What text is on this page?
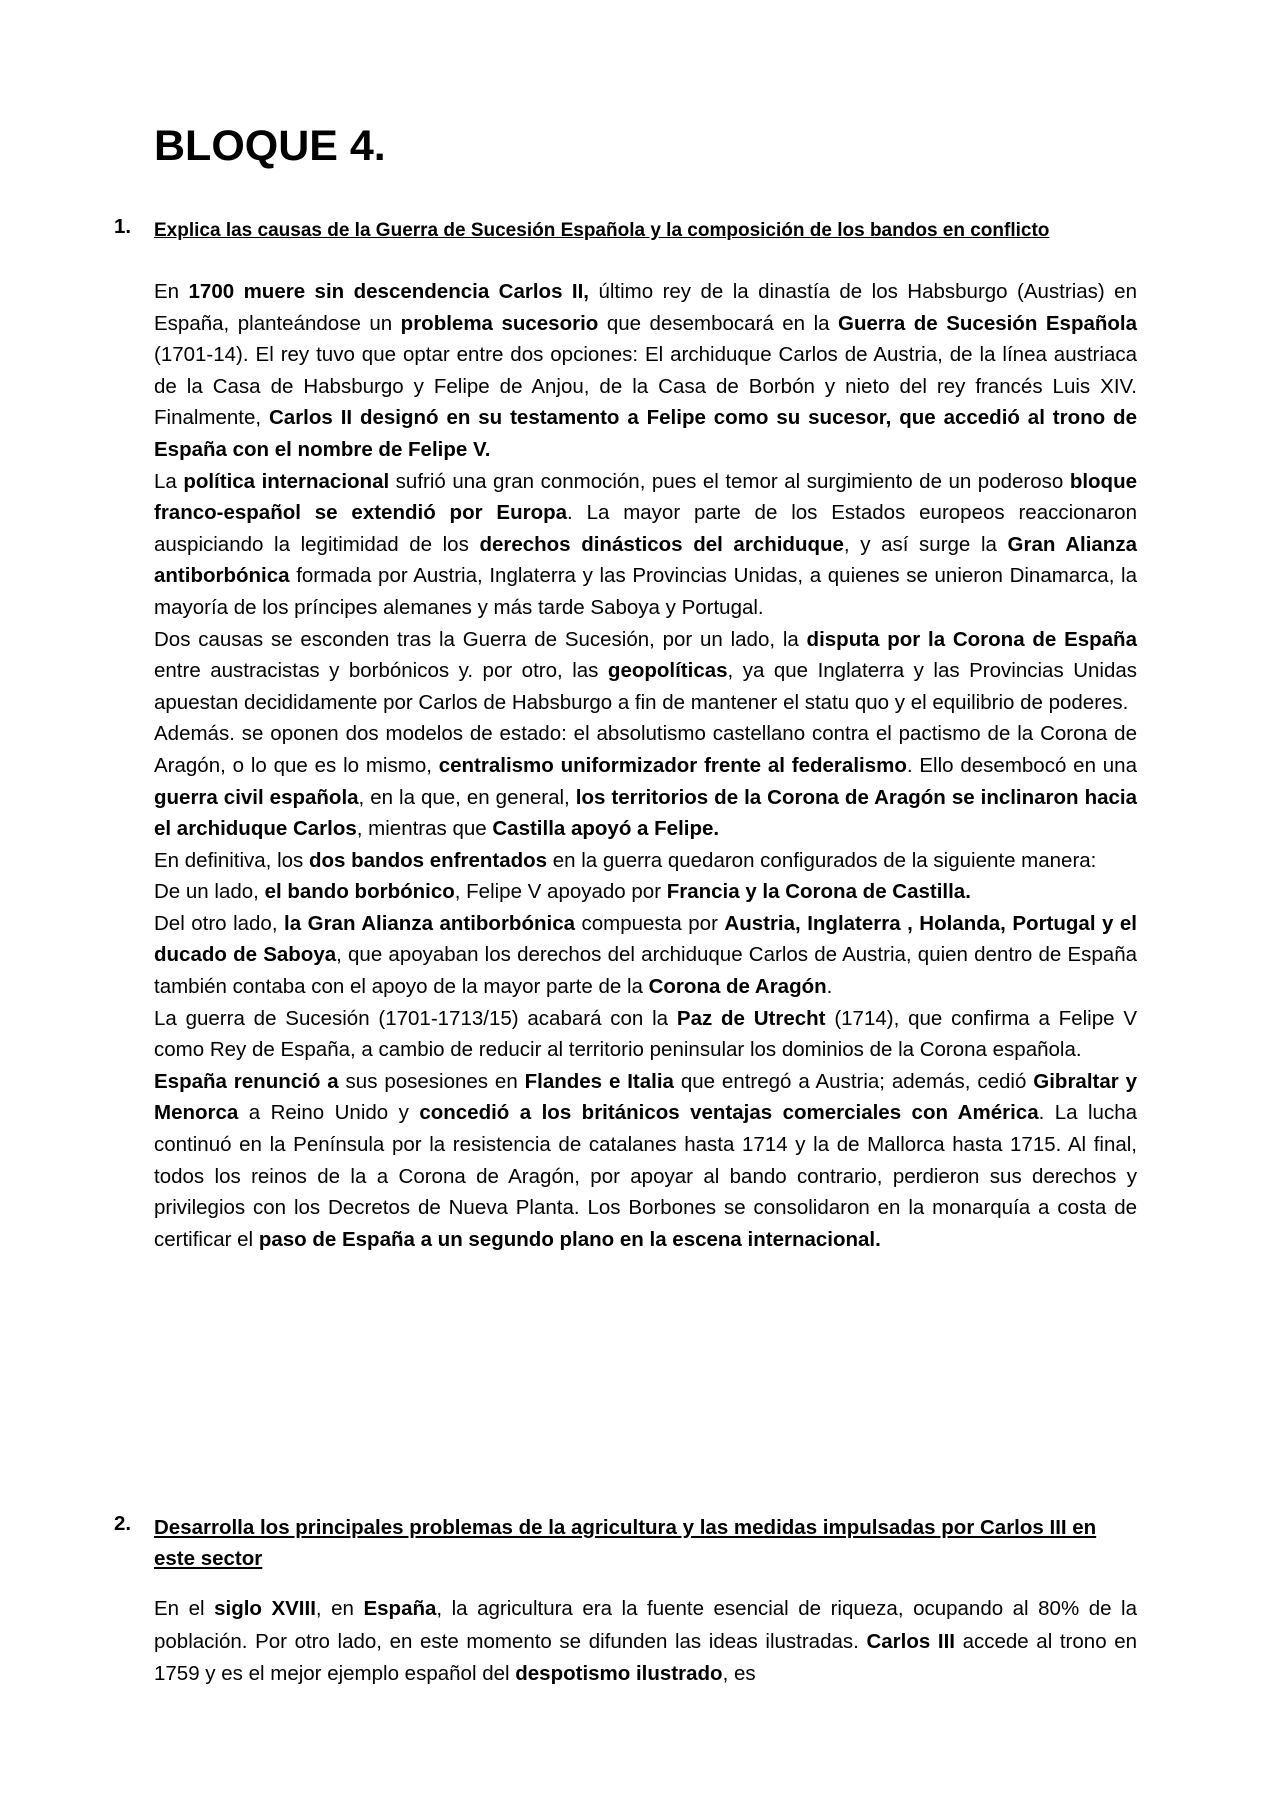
BLOQUE 4.
1. Explica las causas de la Guerra de Sucesión Española y la composición de los bandos en conflicto

En 1700 muere sin descendencia Carlos II, último rey de la dinastía de los Habsburgo (Austrias) en España, planteándose un problema sucesorio que desembocará en la Guerra de Sucesión Española (1701-14). El rey tuvo que optar entre dos opciones: El archiduque Carlos de Austria, de la línea austriaca de la Casa de Habsburgo y Felipe de Anjou, de la Casa de Borbón y nieto del rey francés Luis XIV. Finalmente, Carlos II designó en su testamento a Felipe como su sucesor, que accedió al trono de España con el nombre de Felipe V.

La política internacional sufrió una gran conmoción, pues el temor al surgimiento de un poderoso bloque franco-español se extendió por Europa. La mayor parte de los Estados europeos reaccionaron auspiciando la legitimidad de los derechos dinásticos del archiduque, y así surge la Gran Alianza antiborbónica formada por Austria, Inglaterra y las Provincias Unidas, a quienes se unieron Dinamarca, la mayoría de los príncipes alemanes y más tarde Saboya y Portugal.

Dos causas se esconden tras la Guerra de Sucesión, por un lado, la disputa por la Corona de España entre austracistas y borbónicos y. por otro, las geopolíticas, ya que Inglaterra y las Provincias Unidas apuestan decididamente por Carlos de Habsburgo a fin de mantener el statu quo y el equilibrio de poderes.

Además. se oponen dos modelos de estado: el absolutismo castellano contra el pactismo de la Corona de Aragón, o lo que es lo mismo, centralismo uniformizador frente al federalismo. Ello desembocó en una guerra civil española, en la que, en general, los territorios de la Corona de Aragón se inclinaron hacia el archiduque Carlos, mientras que Castilla apoyó a Felipe.

En definitiva, los dos bandos enfrentados en la guerra quedaron configurados de la siguiente manera:

De un lado, el bando borbónico, Felipe V apoyado por Francia y la Corona de Castilla.

Del otro lado, la Gran Alianza antiborbónica compuesta por Austria, Inglaterra , Holanda, Portugal y el ducado de Saboya, que apoyaban los derechos del archiduque Carlos de Austria, quien dentro de España también contaba con el apoyo de la mayor parte de la Corona de Aragón.

La guerra de Sucesión (1701-1713/15) acabará con la Paz de Utrecht (1714), que confirma a Felipe V como Rey de España, a cambio de reducir al territorio peninsular los dominios de la Corona española.

España renunció a sus posesiones en Flandes e Italia que entregó a Austria; además, cedió Gibraltar y Menorca a Reino Unido y concedió a los británicos ventajas comerciales con América. La lucha continuó en la Península por la resistencia de catalanes hasta 1714 y la de Mallorca hasta 1715. Al final, todos los reinos de la a Corona de Aragón, por apoyar al bando contrario, perdieron sus derechos y privilegios con los Decretos de Nueva Planta. Los Borbones se consolidaron en la monarquía a costa de certificar el paso de España a un segundo plano en la escena internacional.

2. Desarrolla los principales problemas de la agricultura y las medidas impulsadas por Carlos III en este sector

En el siglo XVIII, en España, la agricultura era la fuente esencial de riqueza, ocupando al 80% de la población. Por otro lado, en este momento se difunden las ideas ilustradas. Carlos III accede al trono en 1759 y es el mejor ejemplo español del despotismo ilustrado, es
